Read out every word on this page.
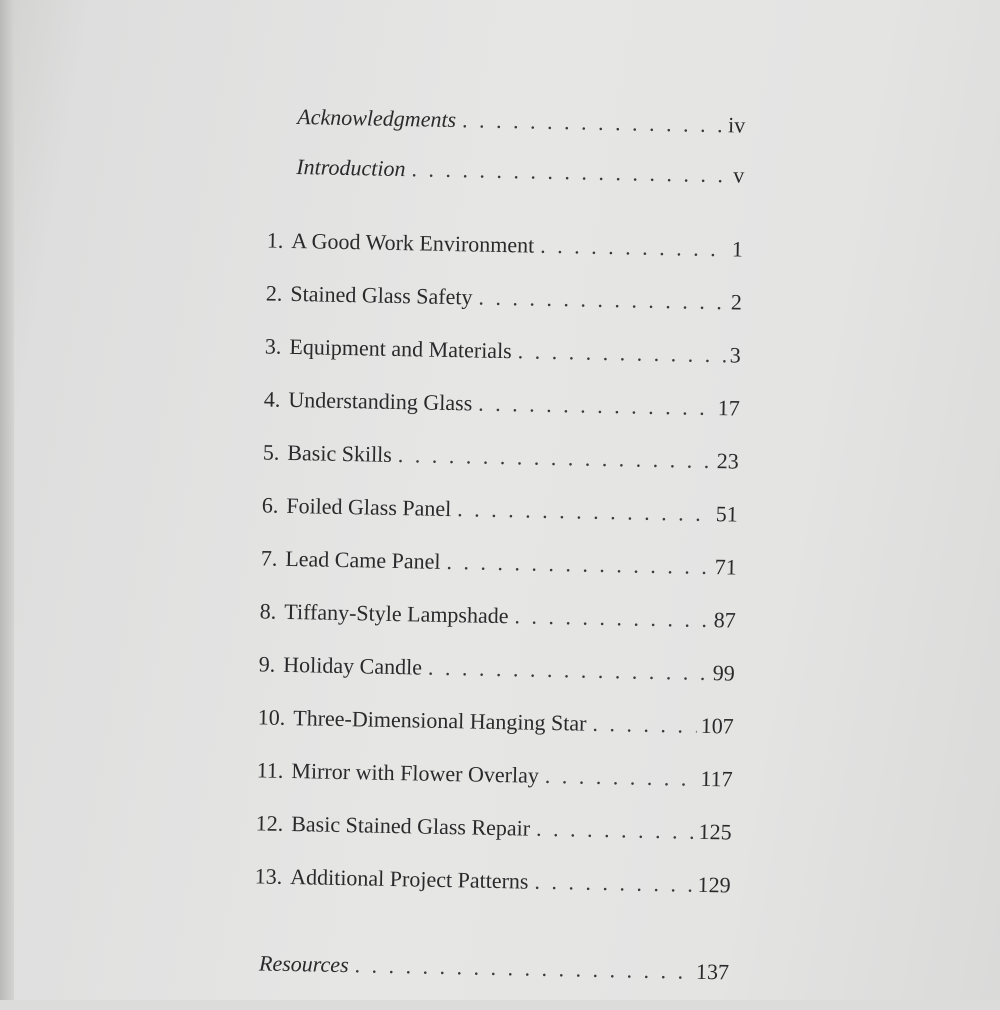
Acknowledgments . . .	iv
Introduction . . .	v
1. A Good Work Environment . . .	1
2. Stained Glass Safety . . .	2
3. Equipment and Materials . . .	3
4. Understanding Glass . . .	17
5. Basic Skills . . .	23
6. Foiled Glass Panel . . .	51
7. Lead Came Panel . . .	71
8. Tiffany-Style Lampshade . . .	87
9. Holiday Candle . . .	99
10. Three-Dimensional Hanging Star . . .	107
11. Mirror with Flower Overlay . . .	117
12. Basic Stained Glass Repair . . .	125
13. Additional Project Patterns . . .	129
Resources . . .	137
